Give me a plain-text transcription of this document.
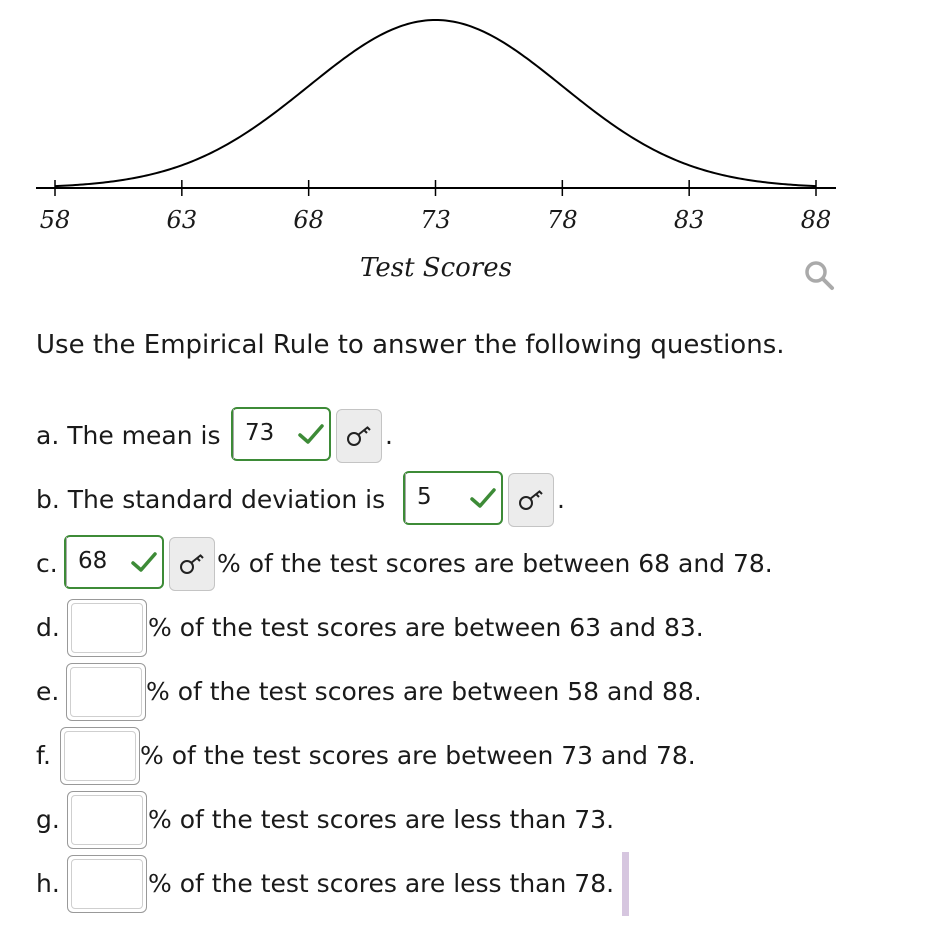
58	63	68	73	78	83	88
Test Scores
Use the Empirical Rule to answer the following questions.
a. The mean is 73	.
b. The standard deviation is 5	.
c. 68	% of the test scores are between 68 and 78.
d.	% of the test scores are between 63 and 83.
e.	% of the test scores are between 58 and 88.
f.	% of the test scores are between 73 and 78.
g.	% of the test scores are less than 73.
h.	% of the test scores are less than 78.
